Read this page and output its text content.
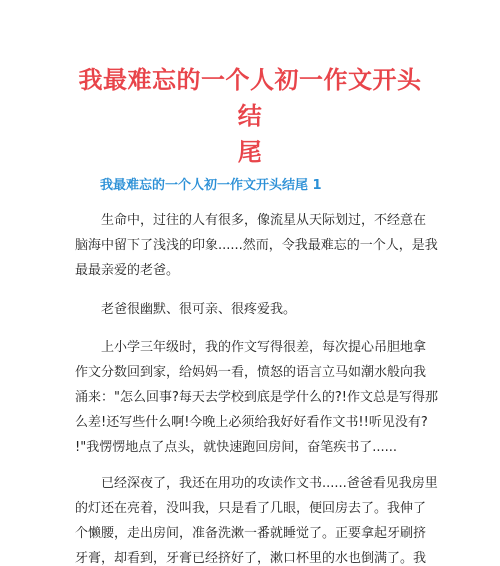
我最难忘的一个人初一作文开头结
尾
我最难忘的一个人初一作文开头结尾 1
　　生命中，过往的人有很多，像流星从天际划过，不经意在
脑海中留下了浅浅的印象......然而，令我最难忘的一个人，是我
最最亲爱的老爸。
　　老爸很幽默、很可亲、很疼爱我。
　　上小学三年级时，我的作文写得很差，每次提心吊胆地拿
作文分数回到家，给妈妈一看，愤怒的语言立马如潮水般向我
涌来："怎么回事?每天去学校到底是学什么的?!作文总是写得那
么差!还写些什么啊!今晚上必须给我好好看作文书!!听见没有?
!"我愣愣地点了点头，就快速跑回房间，奋笔疾书了......
　　已经深夜了，我还在用功的攻读作文书......爸爸看见我房里
的灯还在亮着，没叫我，只是看了几眼，便回房去了。我伸了
个懒腰，走出房间，准备洗漱一番就睡觉了。正要拿起牙刷挤
牙膏，却看到，牙膏已经挤好了，漱口杯里的水也倒满了。我
